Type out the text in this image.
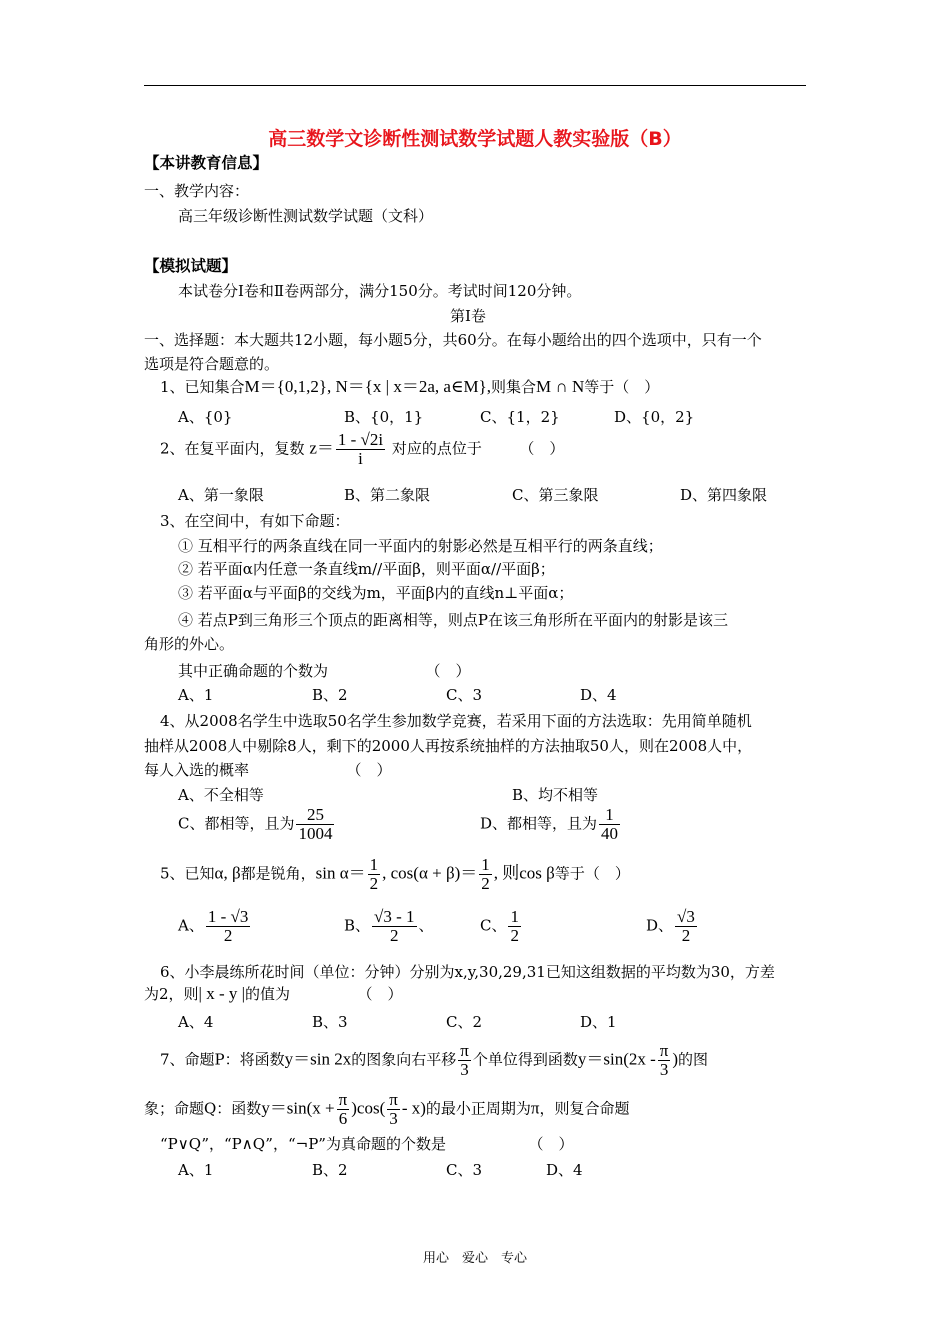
高三数学文诊断性测试数学试题人教实验版（B）
【本讲教育信息】
一、教学内容：
高三年级诊断性测试数学试题（文科）
【模拟试题】
本试卷分Ⅰ卷和Ⅱ卷两部分，满分150分。考试时间120分钟。
第Ⅰ卷
一、选择题：本大题共12小题，每小题5分，共60分。在每小题给出的四个选项中，只有一个
选项是符合题意的。
1、已知集合M＝{0,1,2}, N＝{x | x＝2a, a∈M},则集合M ∩ N等于（　）
A、{0}	B、{0，1}	C、{1，2}	D、{0，2}
2、在复平面内，复数 $z= \frac{1 - √2i}{i}$ 对应的点位于　　　（　）
A、第一象限	B、第二象限	C、第三象限	D、第四象限
3、在空间中，有如下命题：
① 互相平行的两条直线在同一平面内的射影必然是互相平行的两条直线；
② 若平面α内任意一条直线m//平面β，则平面α//平面β；
③ 若平面α与平面β的交线为m，平面β内的直线n⊥平面α；
④ 若点P到三角形三个顶点的距离相等，则点P在该三角形所在平面内的射影是该三
角形的外心。
其中正确命题的个数为　　　　　　　（　）
A、1	B、2	C、3	D、4
4、从2008名学生中选取50名学生参加数学竞赛，若采用下面的方法选取：先用简单随机
抽样从2008人中剔除8人，剩下的2000人再按系统抽样的方法抽取50人，则在2008人中，
每人入选的概率　　　　　　　（　）
A、不全相等	B、均不相等
C、都相等，且为 $\frac{25}{1004}$	D、都相等，且为 $\frac{1}{40}$
5、已知α, β都是锐角，$\sin \alpha= \frac{1}{2}$ , $\cos(\alpha + \beta)= \frac{1}{2}$ , 则cos β等于（　）
A、 $\frac{1 - √3}{2}$	B、 $\frac{√3 - 1}{2}$ 、	C、 $\frac{1}{2}$	D、 $\frac{√3}{2}$
6、小李晨练所花时间（单位：分钟）分别为x,y,30,29,31已知这组数据的平均数为30，方差
为2，则| x - y |的值为　　　　　（　）
A、4	B、3	C、2	D、1
7、命题P：将函数y＝sin 2x的图象向右平移 $\frac{\pi}{3}$ 个单位得到函数$y=\sin(2x - \frac{\pi}{3}$ )的图
象；命题Q：函数$y=\sin(x + \frac{\pi}{6} )\cos( \frac{\pi}{3} - x)$的最小正周期为π，则复合命题
“P∨Q”，“P∧Q”，“¬P”为真命题的个数是　　　　　　（　）
A、1	B、2	C、3	D、4
用心　爱心　专心
